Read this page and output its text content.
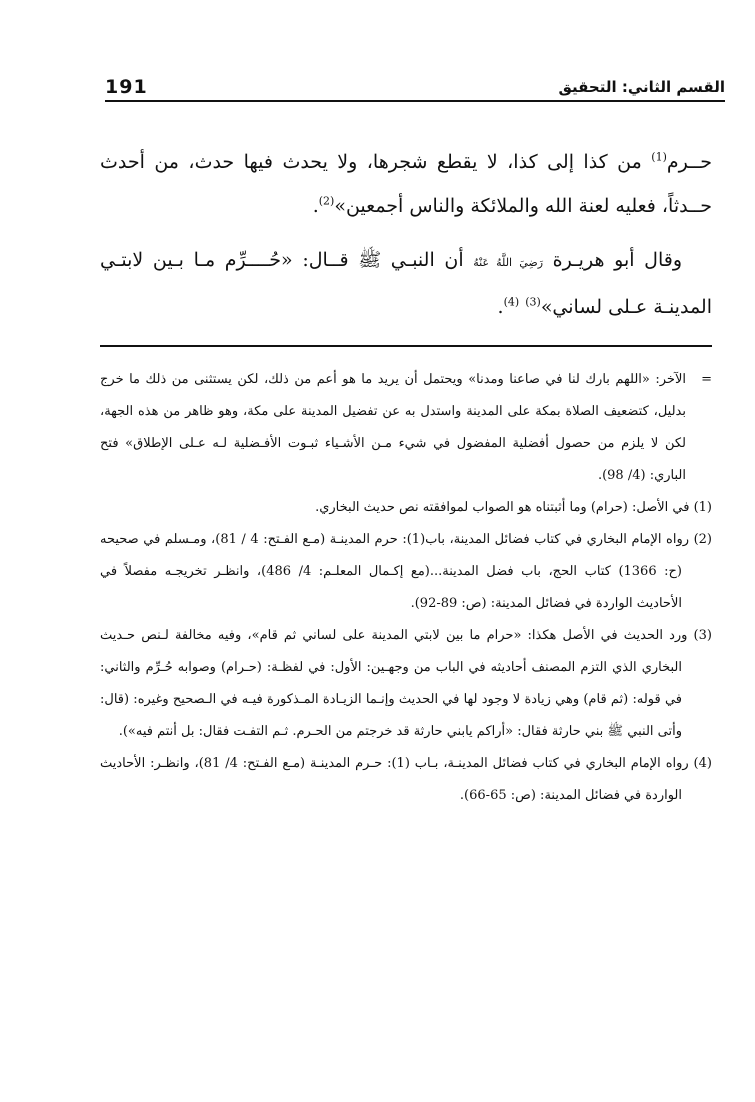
191	القسم الثاني: التحقيق

حــرم$^{(1)}$ من كذا إلى كذا، لا يقطع شجرها، ولا يحدث فيها حدث، من أحدث حــدثاً، فعليه لعنة الله والملائكة والناس أجمعين»$^{(2)}$.

وقال أبو هريـرة رَضِيَ اللَّهُ عَنْهُ أن النبـي ﷺ قــال: «حُــــرِّم مـا بـين لابتـي المدينـة عـلى لساني»$^{(3)}$ $^{(4)}$.

=الآخر: «اللهم بارك لنا في صاعنا ومدنا» ويحتمل أن يريد ما هو أعم من ذلك، لكن يستثنى من ذلك ما خرج بدليل، كتضعيف الصلاة بمكة على المدينة واستدل به عن تفضيل المدينة على مكة، وهو ظاهر من هذه الجهة، لكن لا يلزم من حصول أفضلية المفضول في شيء مـن الأشـياء ثبـوت الأفـضلية لـه عـلى الإطلاق» فتح الباري: (4/ 98).

(1) في الأصل: (حرام) وما أثبتناه هو الصواب لموافقته نص حديث البخاري.

(2) رواه الإمام البخاري في كتاب فضائل المدينة، باب(1): حرم المدينـة (مـع الفـتح: 4 / 81)، ومـسلم في صحيحه (ح: 1366) كتاب الحج، باب فضل المدينة...(مع إكـمال المعلـم: 4/ 486)، وانظـر تخريجـه مفصلاً في الأحاديث الواردة في فضائل المدينة: (ص: 89-92).

(3) ورد الحديث في الأصل هكذا: «حرام ما بين لابتي المدينة على لساني ثم قام»، وفيه مخالفة لـنص حـديث البخاري الذي التزم المصنف أحاديثه في الباب من وجهـين: الأول: في لفظـة: (حـرام) وصوابه حُـرِّم والثاني: في قوله: (ثم قام) وهي زيادة لا وجود لها في الحديث وإنـما الزيـادة المـذكورة فيـه في الـصحيح وغيره: (قال: وأتى النبي ﷺ بني حارثة فقال: «أراكم يابني حارثة قد خرجتم من الحـرم. ثـم التفـت فقال: بل أنتم فيه»).

(4) رواه الإمام البخاري في كتاب فضائل المدينـة، بـاب (1): حـرم المدينـة (مـع الفـتح: 4/ 81)، وانظـر: الأحاديث الواردة في فضائل المدينة: (ص: 65-66).
